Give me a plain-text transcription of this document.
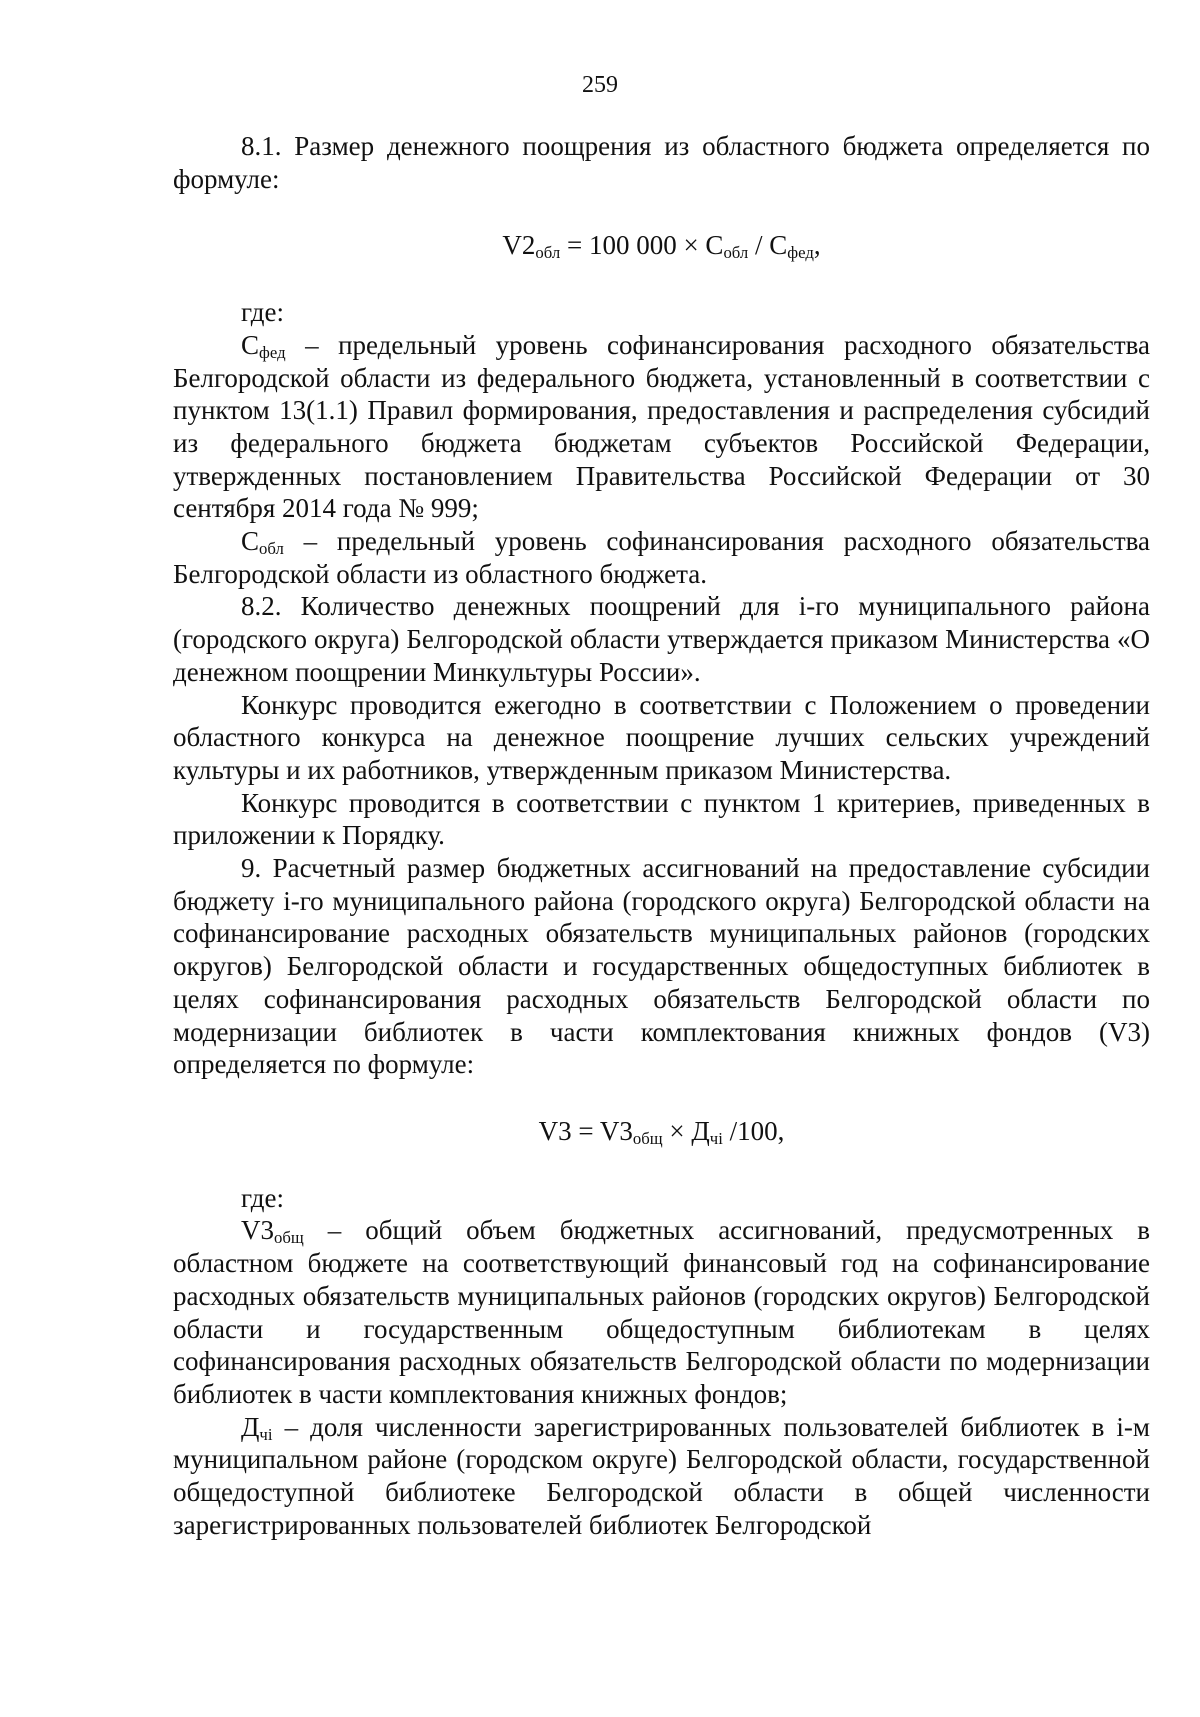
259

8.1. Размер денежного поощрения из областного бюджета определяется по формуле:

$V2_{обл} = 100$ $000 \times С_{обл} / С_{фед}$,

где:

$С_{фед}$ – предельный уровень софинансирования расходного обязательства Белгородской области из федерального бюджета, установленный в соответствии с пунктом 13(1.1) Правил формирования, предоставления и распределения субсидий из федерального бюджета бюджетам субъектов Российской Федерации, утвержденных постановлением Правительства Российской Федерации от 30 сентября 2014 года № 999;

$С_{обл}$ – предельный уровень софинансирования расходного обязательства Белгородской области из областного бюджета.

8.2. Количество денежных поощрений для i-го муниципального района (городского округа) Белгородской области утверждается приказом Министерства «О денежном поощрении Минкультуры России».

Конкурс проводится ежегодно в соответствии с Положением о проведении областного конкурса на денежное поощрение лучших сельских учреждений культуры и их работников, утвержденным приказом Министерства.

Конкурс проводится в соответствии с пунктом 1 критериев, приведенных в приложении к Порядку.

9. Расчетный размер бюджетных ассигнований на предоставление субсидии бюджету i-го муниципального района (городского округа) Белгородской области на софинансирование расходных обязательств муниципальных районов (городских округов) Белгородской области и государственных общедоступных библиотек в целях софинансирования расходных обязательств Белгородской области по модернизации библиотек в части комплектования книжных фондов (V3) определяется по формуле:

$V3 = V3_{общ} \times Д_{чi}$ /100,

где:

$V3_{общ}$ – общий объем бюджетных ассигнований, предусмотренных в областном бюджете на соответствующий финансовый год на софинансирование расходных обязательств муниципальных районов (городских округов) Белгородской области и государственным общедоступным библиотекам в целях софинансирования расходных обязательств Белгородской области по модернизации библиотек в части комплектования книжных фондов;

$Д_{чi}$ – доля численности зарегистрированных пользователей библиотек в i-м муниципальном районе (городском округе) Белгородской области, государственной общедоступной библиотеке Белгородской области в общей численности зарегистрированных пользователей библиотек Белгородской
